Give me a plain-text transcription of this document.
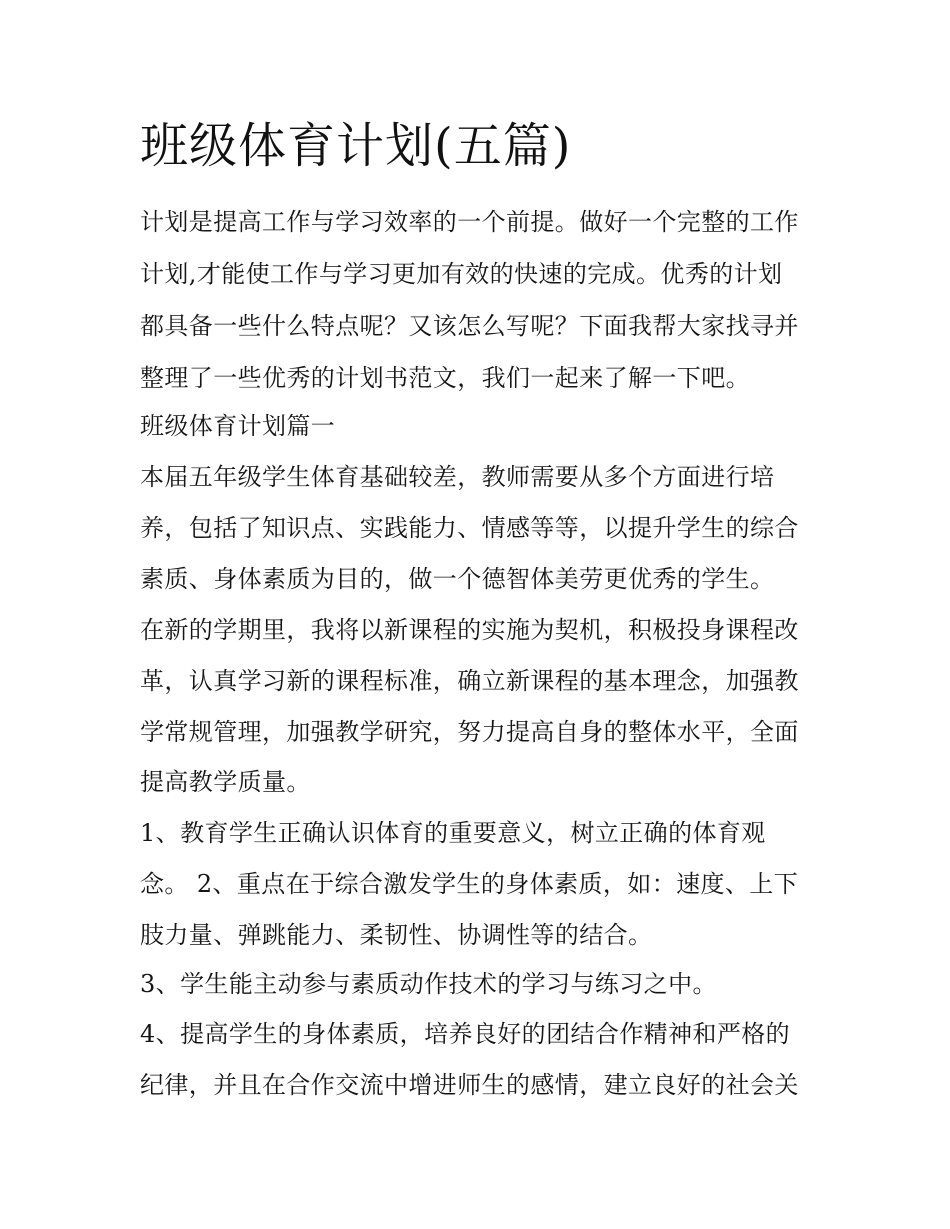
班级体育计划(五篇)
计划是提高工作与学习效率的一个前提。做好一个完整的工作
计划,才能使工作与学习更加有效的快速的完成。优秀的计划
都具备一些什么特点呢？又该怎么写呢？下面我帮大家找寻并
整理了一些优秀的计划书范文，我们一起来了解一下吧。
班级体育计划篇一
本届五年级学生体育基础较差，教师需要从多个方面进行培
养，包括了知识点、实践能力、情感等等，以提升学生的综合
素质、身体素质为目的，做一个德智体美劳更优秀的学生。
在新的学期里，我将以新课程的实施为契机，积极投身课程改
革，认真学习新的课程标准，确立新课程的基本理念，加强教
学常规管理，加强教学研究，努力提高自身的整体水平，全面
提高教学质量。
1、教育学生正确认识体育的重要意义，树立正确的体育观
念。 2、重点在于综合激发学生的身体素质，如：速度、上下
肢力量、弹跳能力、柔韧性、协调性等的结合。
3、学生能主动参与素质动作技术的学习与练习之中。
4、提高学生的身体素质，培养良好的团结合作精神和严格的
纪律，并且在合作交流中增进师生的感情，建立良好的社会关
